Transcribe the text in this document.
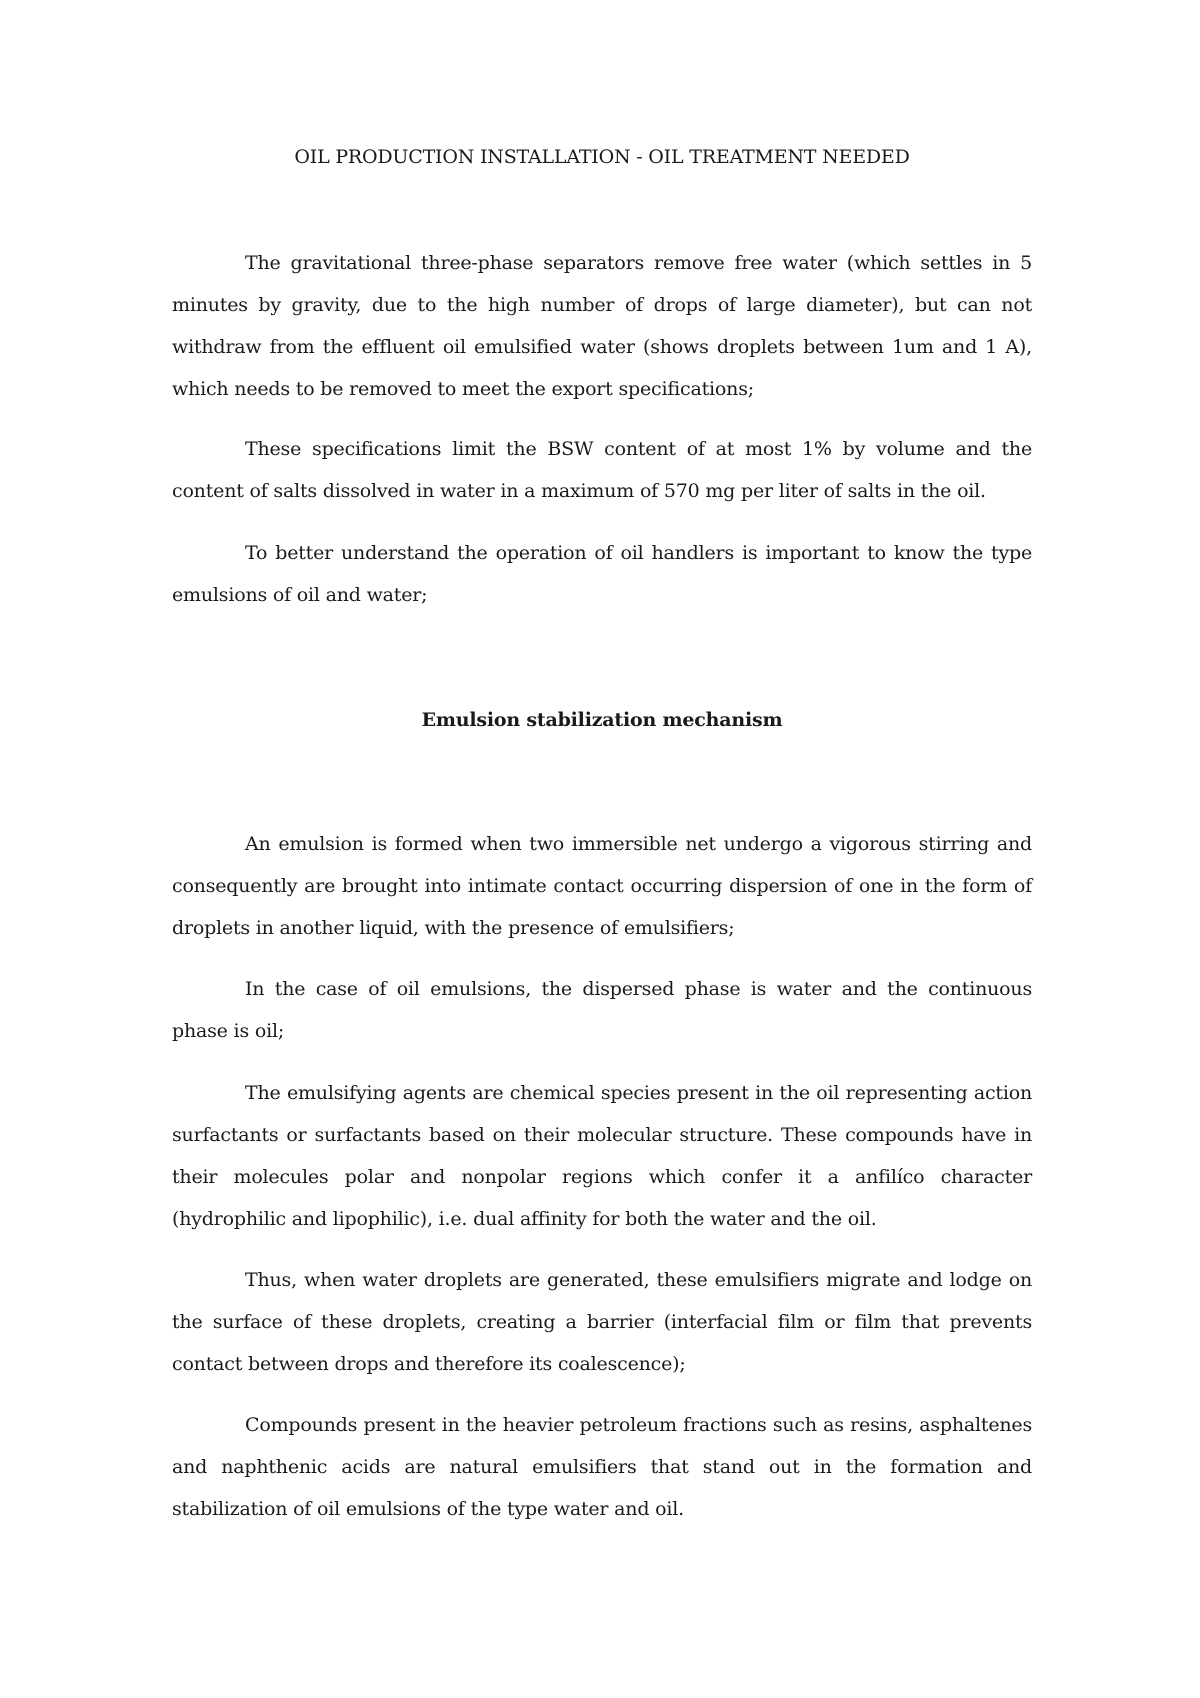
OIL PRODUCTION INSTALLATION - OIL TREATMENT NEEDED

The gravitational three-phase separators remove free water (which settles in 5 minutes by gravity, due to the high number of drops of large diameter), but can not withdraw from the effluent oil emulsified water (shows droplets between 1um and 1 A), which needs to be removed to meet the export specifications;

These specifications limit the BSW content of at most 1% by volume and the content of salts dissolved in water in a maximum of 570 mg per liter of salts in the oil.

To better understand the operation of oil handlers is important to know the type emulsions of oil and water;

Emulsion stabilization mechanism

An emulsion is formed when two immersible net undergo a vigorous stirring and consequently are brought into intimate contact occurring dispersion of one in the form of droplets in another liquid, with the presence of emulsifiers;

In the case of oil emulsions, the dispersed phase is water and the continuous phase is oil;

The emulsifying agents are chemical species present in the oil representing action surfactants or surfactants based on their molecular structure. These compounds have in their molecules polar and nonpolar regions which confer it a anfilíco character (hydrophilic and lipophilic), i.e. dual affinity for both the water and the oil.

Thus, when water droplets are generated, these emulsifiers migrate and lodge on the surface of these droplets, creating a barrier (interfacial film or film that prevents contact between drops and therefore its coalescence);

Compounds present in the heavier petroleum fractions such as resins, asphaltenes and naphthenic acids are natural emulsifiers that stand out in the formation and stabilization of oil emulsions of the type water and oil.
